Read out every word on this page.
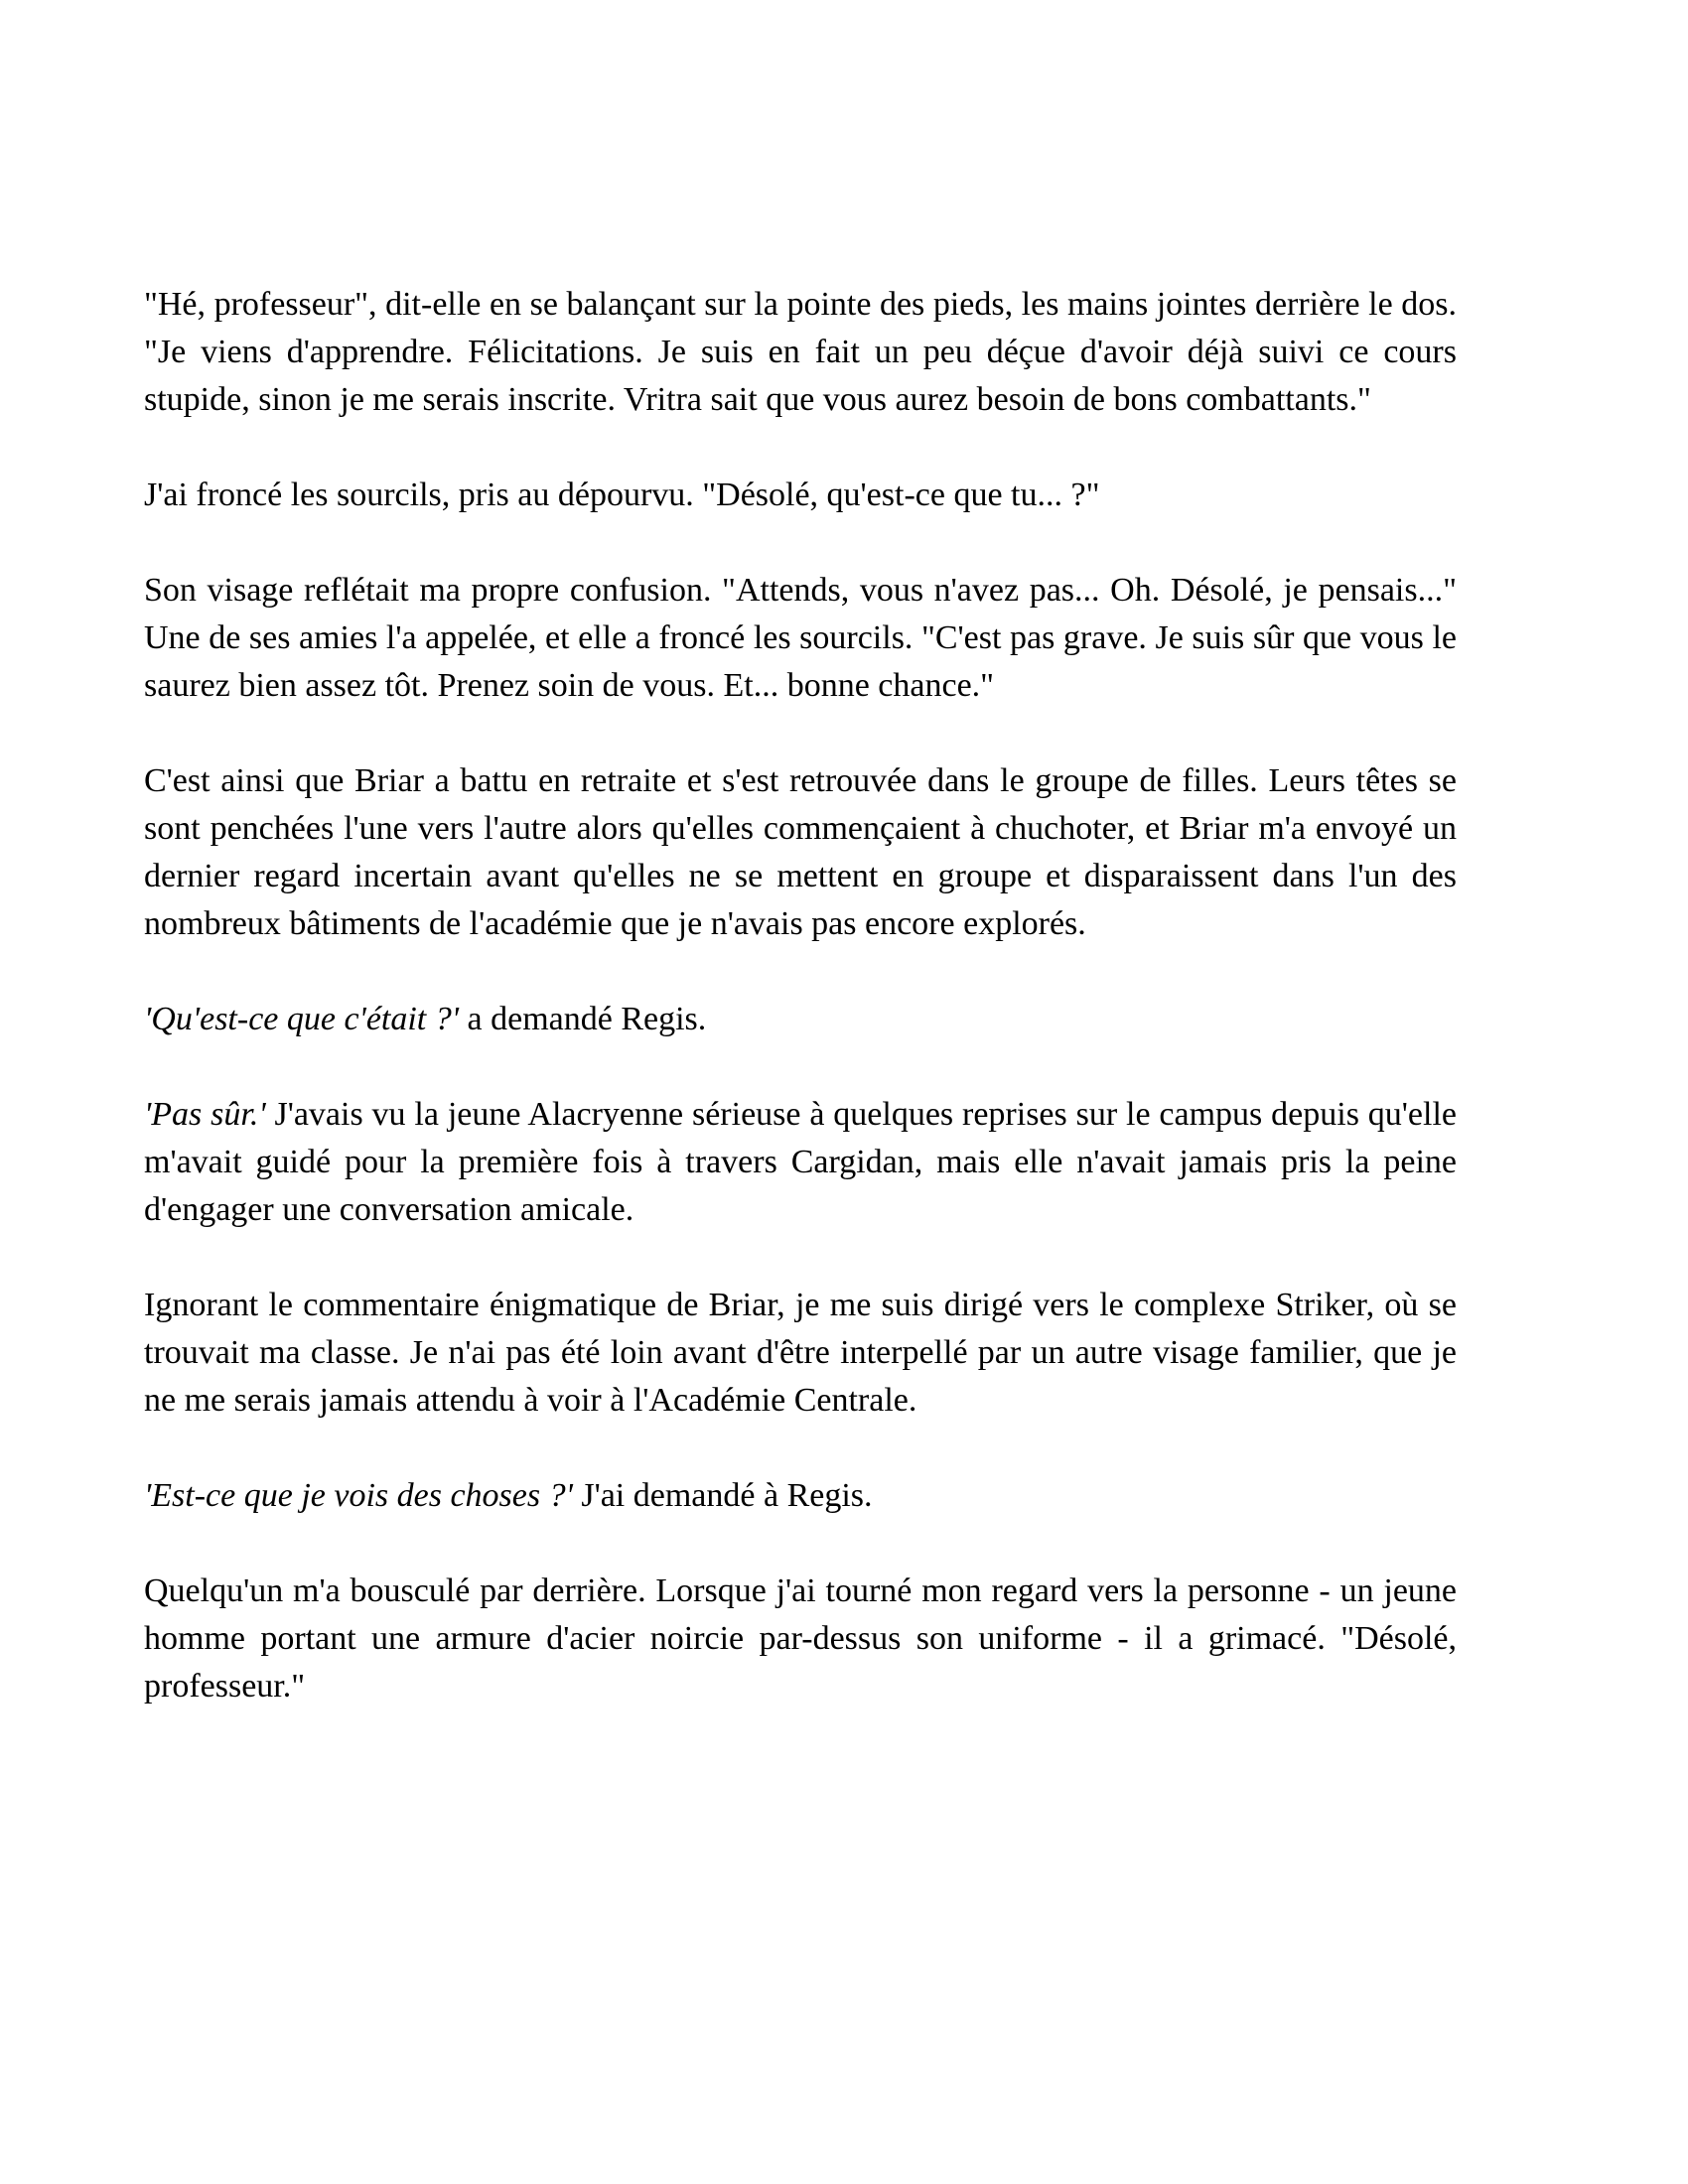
"Hé, professeur", dit-elle en se balançant sur la pointe des pieds, les mains jointes derrière le dos. "Je viens d'apprendre. Félicitations. Je suis en fait un peu déçue d'avoir déjà suivi ce cours stupide, sinon je me serais inscrite. Vritra sait que vous aurez besoin de bons combattants."

J'ai froncé les sourcils, pris au dépourvu. "Désolé, qu'est-ce que tu... ?"

Son visage reflétait ma propre confusion. "Attends, vous n'avez pas... Oh. Désolé, je pensais..." Une de ses amies l'a appelée, et elle a froncé les sourcils. "C'est pas grave. Je suis sûr que vous le saurez bien assez tôt. Prenez soin de vous. Et... bonne chance."

C'est ainsi que Briar a battu en retraite et s'est retrouvée dans le groupe de filles. Leurs têtes se sont penchées l'une vers l'autre alors qu'elles commençaient à chuchoter, et Briar m'a envoyé un dernier regard incertain avant qu'elles ne se mettent en groupe et disparaissent dans l'un des nombreux bâtiments de l'académie que je n'avais pas encore explorés.

'Qu'est-ce que c'était ?' a demandé Regis.

'Pas sûr.' J'avais vu la jeune Alacryenne sérieuse à quelques reprises sur le campus depuis qu'elle m'avait guidé pour la première fois à travers Cargidan, mais elle n'avait jamais pris la peine d'engager une conversation amicale.

Ignorant le commentaire énigmatique de Briar, je me suis dirigé vers le complexe Striker, où se trouvait ma classe. Je n'ai pas été loin avant d'être interpellé par un autre visage familier, que je ne me serais jamais attendu à voir à l'Académie Centrale.

'Est-ce que je vois des choses ?' J'ai demandé à Regis.

Quelqu'un m'a bousculé par derrière. Lorsque j'ai tourné mon regard vers la personne - un jeune homme portant une armure d'acier noircie par-dessus son uniforme - il a grimacé. "Désolé, professeur."
